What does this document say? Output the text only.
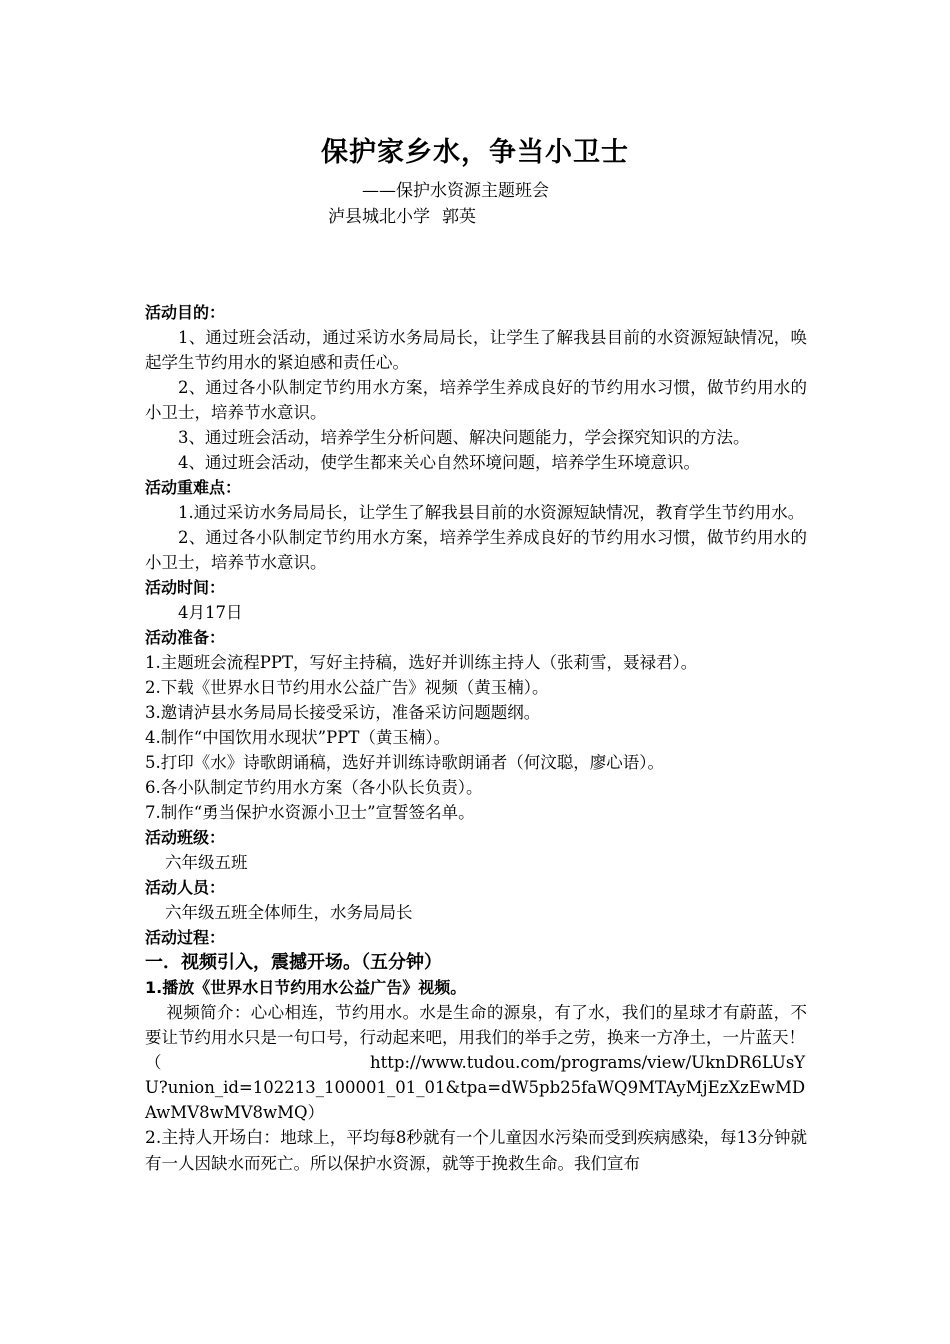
保护家乡水，争当小卫士
——保护水资源主题班会
泸县城北小学 郭英

活动目的：

1、通过班会活动，通过采访水务局局长，让学生了解我县目前的水资源短缺情况，唤起学生节约用水的紧迫感和责任心。

2、通过各小队制定节约用水方案，培养学生养成良好的节约用水习惯，做节约用水的小卫士，培养节水意识。

3、通过班会活动，培养学生分析问题、解决问题能力，学会探究知识的方法。

4、通过班会活动，使学生都来关心自然环境问题，培养学生环境意识。

活动重难点：

1.通过采访水务局局长，让学生了解我县目前的水资源短缺情况，教育学生节约用水。

2、通过各小队制定节约用水方案，培养学生养成良好的节约用水习惯，做节约用水的小卫士，培养节水意识。

活动时间：

4月17日

活动准备：

1.主题班会流程PPT，写好主持稿，选好并训练主持人（张莉雪，聂禄君）。

2.下载《世界水日节约用水公益广告》视频（黄玉楠）。

3.邀请泸县水务局局长接受采访，准备采访问题题纲。

4.制作“中国饮用水现状”PPT（黄玉楠）。

5.打印《水》诗歌朗诵稿，选好并训练诗歌朗诵者（何汶聪，廖心语）。

6.各小队制定节约用水方案（各小队长负责）。

7.制作“勇当保护水资源小卫士”宣誓签名单。

活动班级：

六年级五班

活动人员：

六年级五班全体师生，水务局局长

活动过程：

一．视频引入，震撼开场。（五分钟）

1.播放《世界水日节约用水公益广告》视频。

视频简介：心心相连，节约用水。水是生命的源泉，有了水，我们的星球才有蔚蓝，不要让节约用水只是一句口号，行动起来吧，用我们的举手之劳，换来一方净土，一片蓝天！

（	http://www.tudou.com/programs/view/UknDR6LUsYU?union_id=102213_100001_01_01&tpa=dW5pb25faWQ9MTAyMjEzXzEwMDAwMV8wMV8wMQ）

2.主持人开场白：地球上，平均每8秒就有一个儿童因水污染而受到疾病感染，每13分钟就有一人因缺水而死亡。所以保护水资源，就等于挽救生命。我们宣布
